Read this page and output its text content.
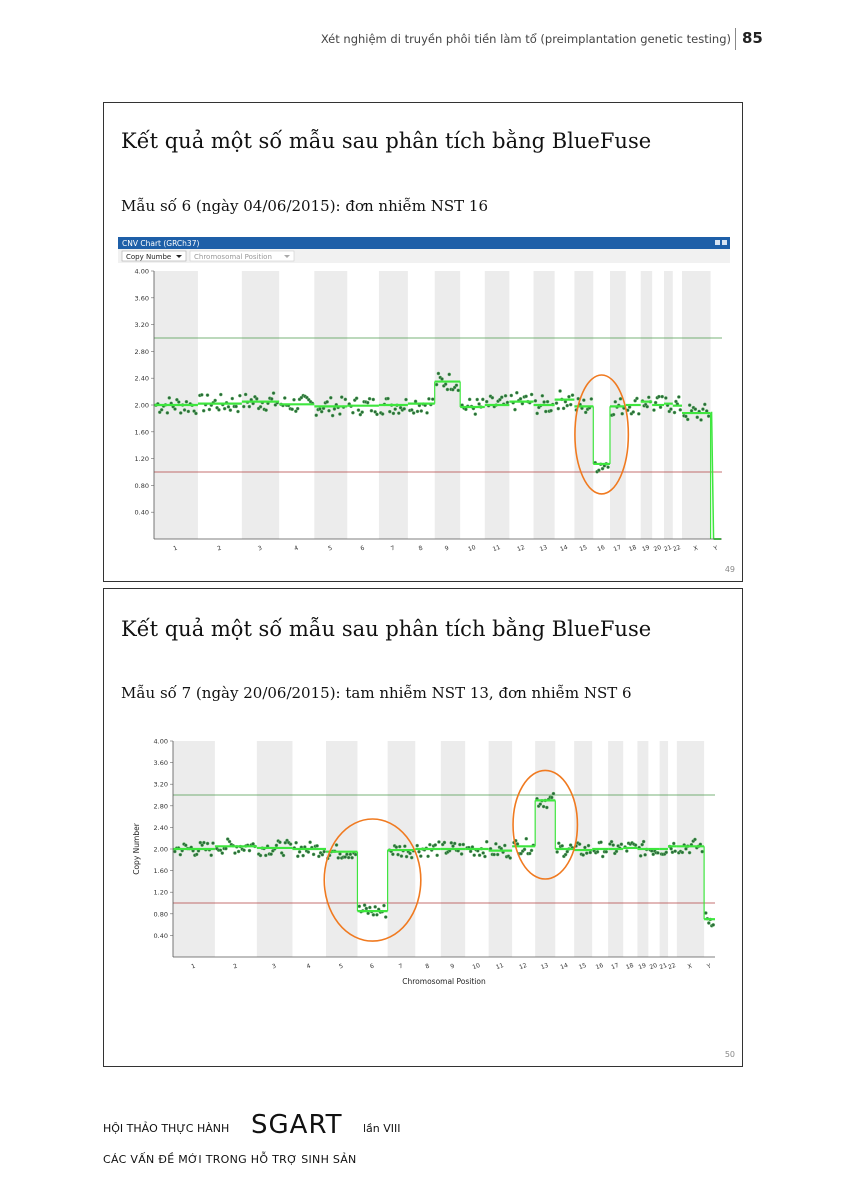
Xét nghiệm di truyền phôi tiền làm tổ (preimplantation genetic testing) 85
Kết quả một số mẫu sau phân tích bằng BlueFuse
Mẫu số 6 (ngày 04/06/2015): đơn nhiễm NST 16
CNV Chart (GRCh37)
Copy Numbe	Chromosomal Position
4.00
3.60
3.20
2.80
2.40
2.00
1.60
1.20
0.80
0.40
1	2	3	4	5	6	7	8	9	10	11 12 13 14 15 16 17 18 19 20 21 22 X Y
49
Kết quả một số mẫu sau phân tích bằng BlueFuse
Mẫu số 7 (ngày 20/06/2015): tam nhiễm NST 13, đơn nhiễm NST 6
4.00
3.60
3.20
2.80
2.40
2.00
1.60
1.20
0.80
0.40
1	2	3	4	5	6	7	8	9	10 11 12 13 14 15 16 17 18 19 20 21 22 X Y
Chromosomal Position
Copy Number
50
HỘI THẢO THỰC HÀNH SGART lần VIII
CÁC VẤN ĐỀ MỚI TRONG HỖ TRỢ SINH SẢN
